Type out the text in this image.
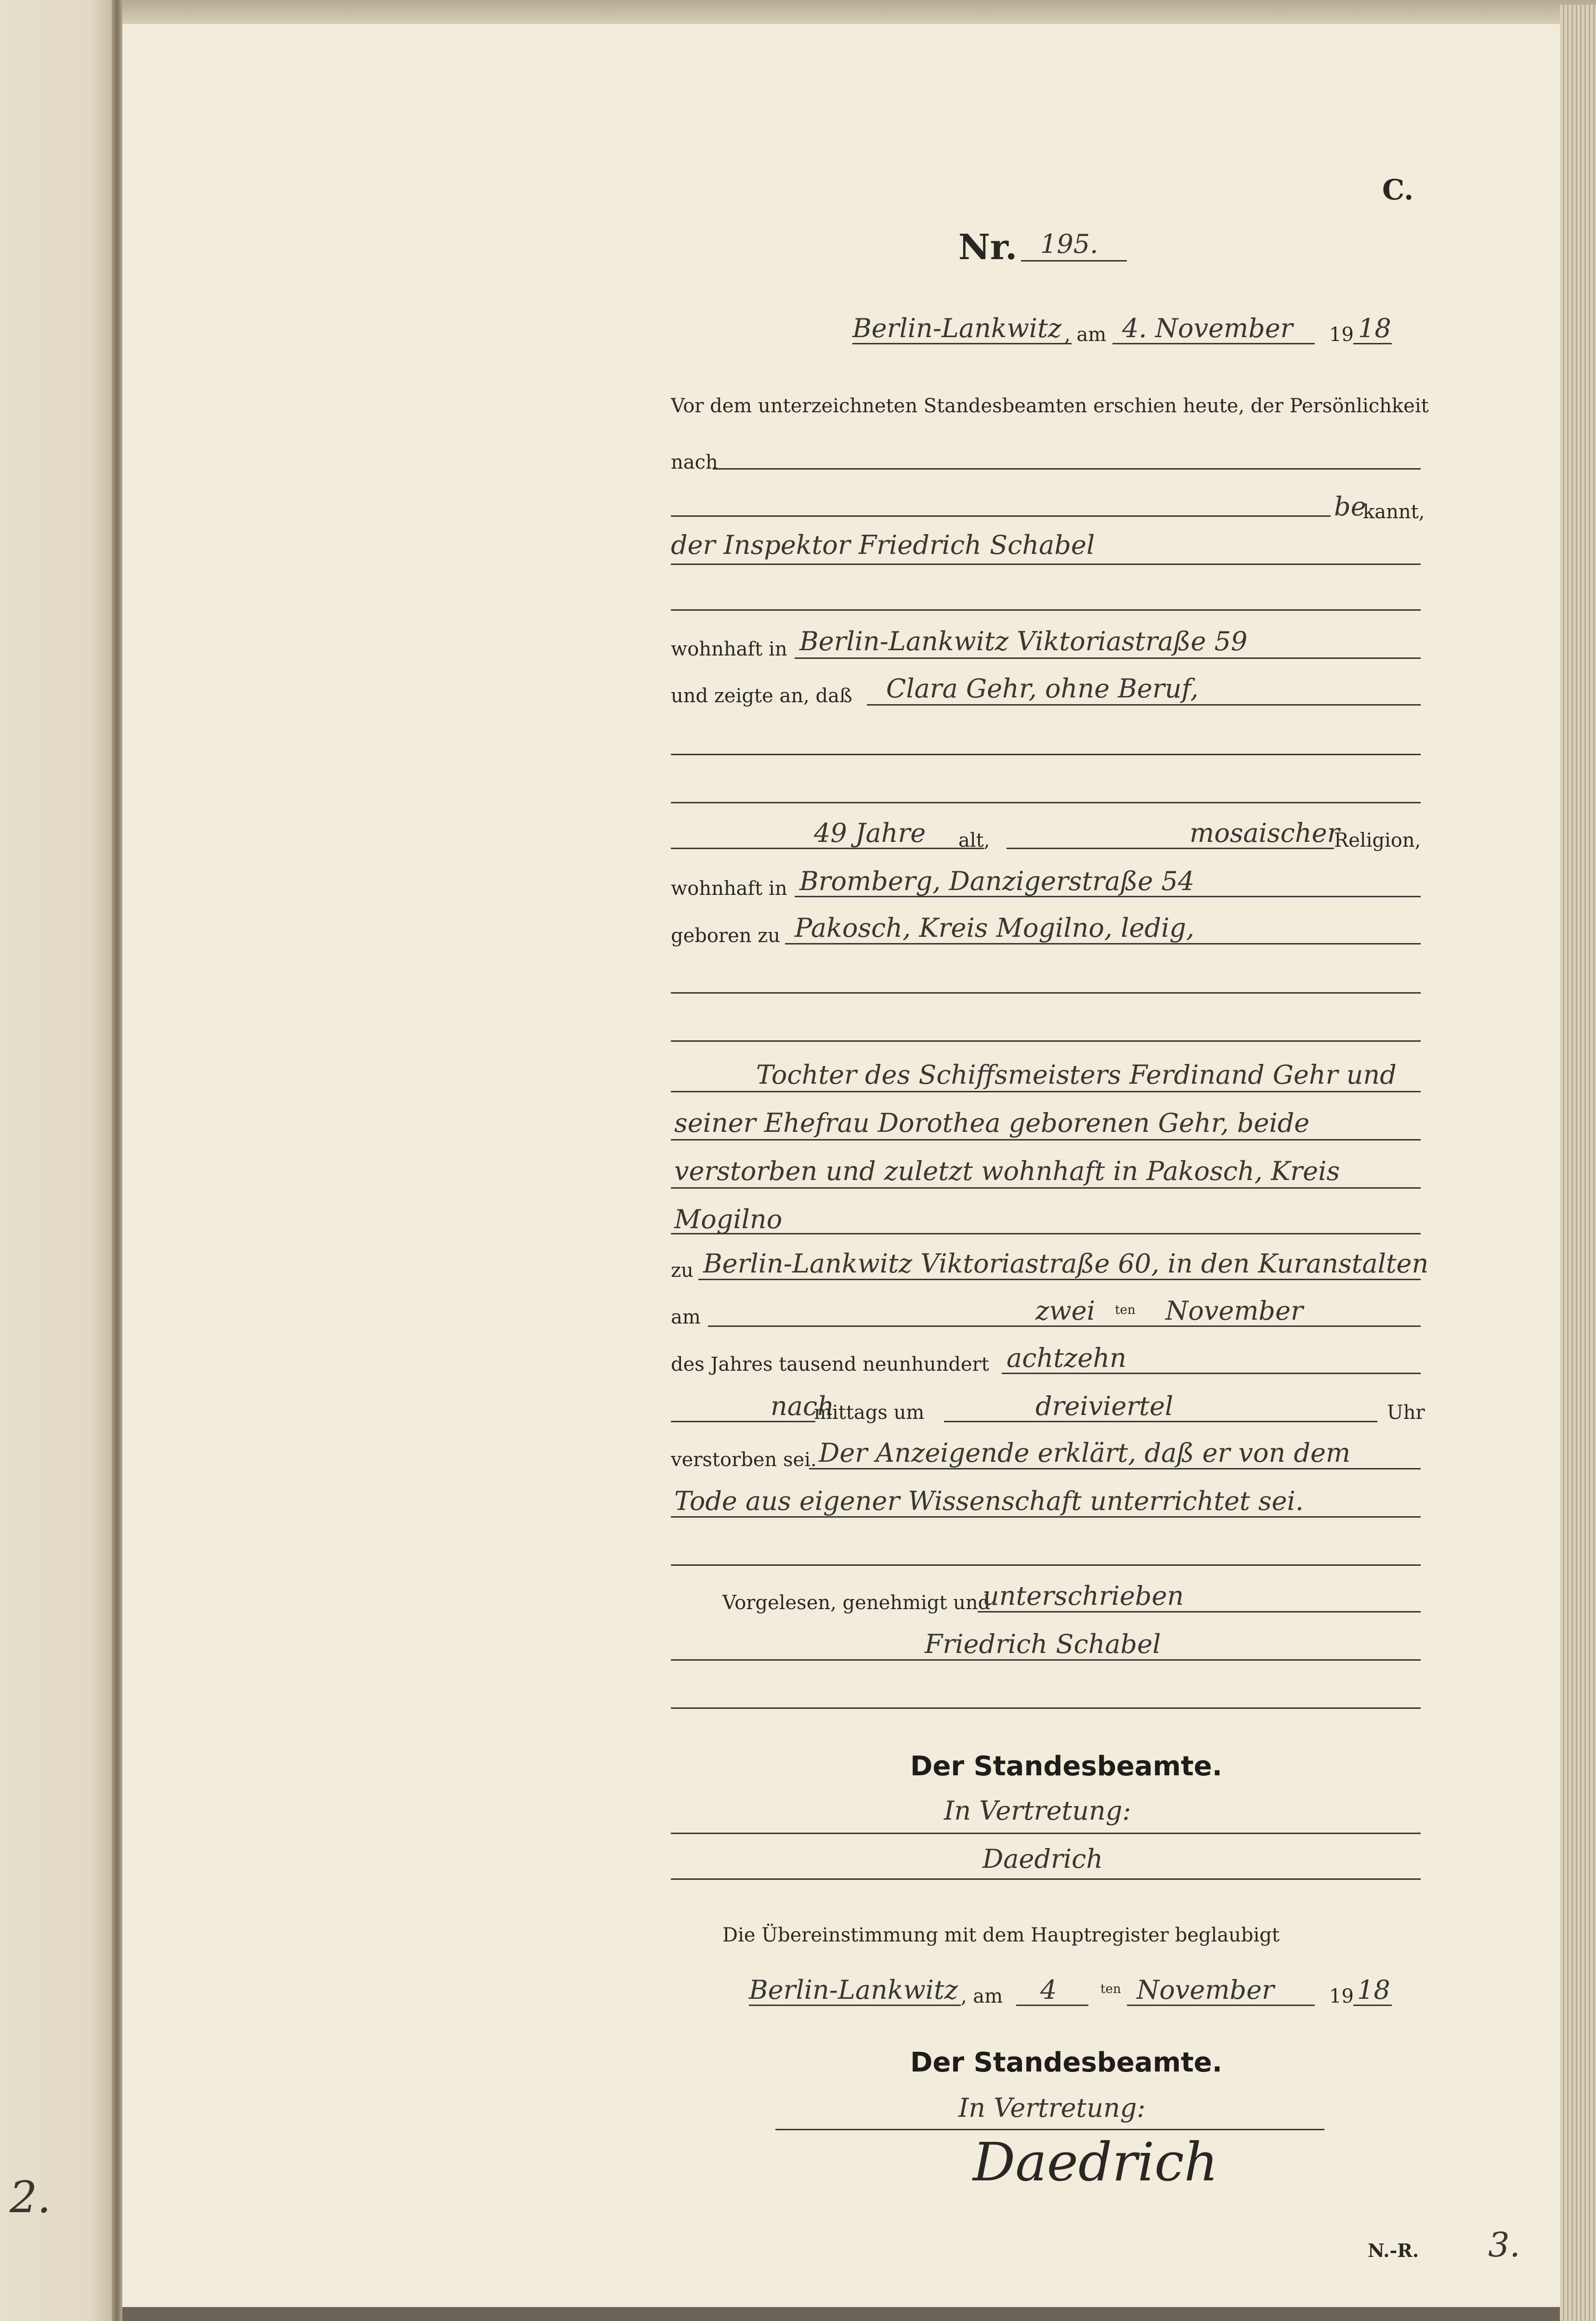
2.
C.
Nr. 195.
Berlin-Lankwitz , am 4. November 19 18
Vor dem unterzeichneten Standesbeamten erschien heute, der Persönlichkeit
nach
be
kannt,
der Inspektor Friedrich Schabel
wohnhaft in Berlin-Lankwitz Viktoriastraße 59
und zeigte an, daß Clara Gehr, ohne Beruf,
49 Jahre alt,	mosaischer
Religion,
wohnhaft in Bromberg, Danzigerstraße 54
geboren zu Pakosch, Kreis Mogilno, ledig,
Tochter des Schiffsmeisters Ferdinand Gehr und
seiner Ehefrau Dorothea geborenen Gehr, beide
verstorben und zuletzt wohnhaft in Pakosch, Kreis
Mogilno
zu Berlin-Lankwitz Viktoriastraße 60, in den Kuranstalten
am	zwei ten November
des Jahres tausend neunhundert achtzehn
nach
mittags um	dreiviertel	Uhr
verstorben sei. Der Anzeigende erklärt, daß er von dem
Tode aus eigener Wissenschaft unterrichtet sei.
Vorgelesen, genehmigt und
unterschrieben
Friedrich Schabel
Der Standesbeamte.
In Vertretung:
Daedrich
Die Übereinstimmung mit dem Hauptregister beglaubigt
Berlin-Lankwitz , am 4	ten November	19 18
Der Standesbeamte.
In Vertretung:
Daedrich
N.-R. 3.
